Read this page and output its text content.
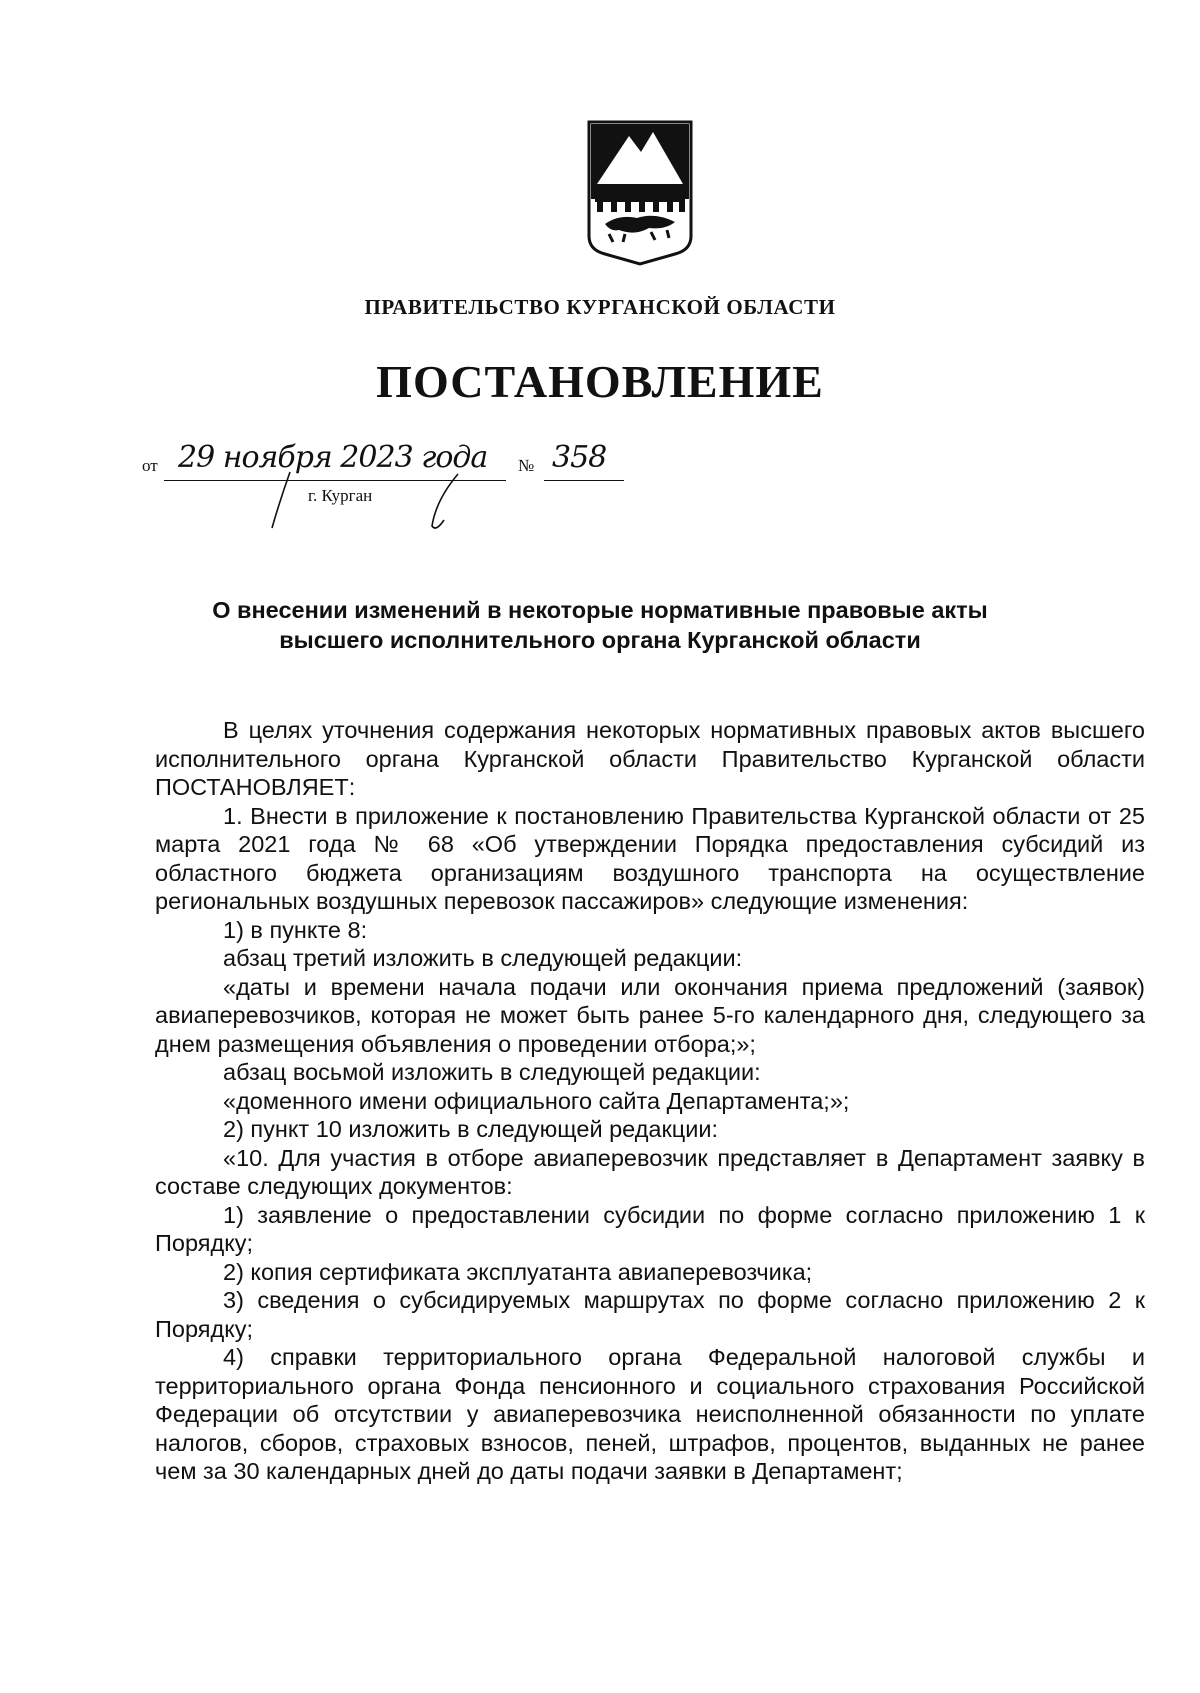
ПРАВИТЕЛЬСТВО КУРГАНСКОЙ ОБЛАСТИ
ПОСТАНОВЛЕНИЕ
от 29 ноября 2023 года № 358
г. Курган
О внесении изменений в некоторые нормативные правовые акты
высшего исполнительного органа Курганской области

В целях уточнения содержания некоторых нормативных правовых актов высшего исполнительного органа Курганской области Правительство Курганской области ПОСТАНОВЛЯЕТ:

1. Внести в приложение к постановлению Правительства Курганской области от 25 марта 2021 года № 68 «Об утверждении Порядка предоставления субсидий из областного бюджета организациям воздушного транспорта на осуществление региональных воздушных перевозок пассажиров» следующие изменения:

1) в пункте 8:

абзац третий изложить в следующей редакции:

«даты и времени начала подачи или окончания приема предложений (заявок) авиаперевозчиков, которая не может быть ранее 5-го календарного дня, следующего за днем размещения объявления о проведении отбора;»;

абзац восьмой изложить в следующей редакции:

«доменного имени официального сайта Департамента;»;

2) пункт 10 изложить в следующей редакции:

«10. Для участия в отборе авиаперевозчик представляет в Департамент заявку в составе следующих документов:

1) заявление о предоставлении субсидии по форме согласно приложению 1 к Порядку;

2) копия сертификата эксплуатанта авиаперевозчика;

3) сведения о субсидируемых маршрутах по форме согласно приложению 2 к Порядку;

4) справки территориального органа Федеральной налоговой службы и территориального органа Фонда пенсионного и социального страхования Российской Федерации об отсутствии у авиаперевозчика неисполненной обязанности по уплате налогов, сборов, страховых взносов, пеней, штрафов, процентов, выданных не ранее чем за 30 календарных дней до даты подачи заявки в Департамент;
